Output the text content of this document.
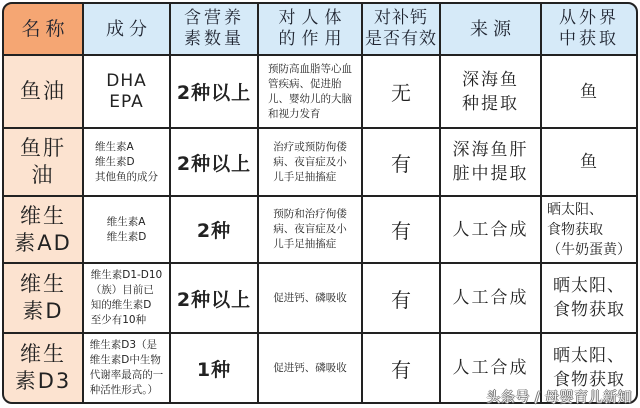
名称 成分
含营养
素数量
对人体
的作用
对补钙
是否有效 来源
从外界
中获取
鱼油 DHA
EPA 2种以上
预防高血脂等心血
管疾病、促进胎
儿、婴幼儿的大脑
和视力发育
无
深海鱼
种提取
鱼
鱼肝
油
维生素A
维生素D
其他鱼的成分
2种以上
治疗或预防佝偻
病、夜盲症及小
儿手足抽搐症
有
深海鱼肝
脏中提取
鱼
维生
素AD
维生素A
维生素D	2种
预防和治疗佝偻
病、夜盲症及小
儿手足抽搐症
有 人工合成
晒太阳、
食物获取
（牛奶蛋黄）
维生
素D
维生素D1-D10
（族）目前已
知的维生素D
至少有10种
2种以上 促进钙、磷吸收 有 人工合成
晒太阳、
食物获取
维生
素D3
维生素D3（是
维生素D中生物
代谢率最高的一
种活性形式。）
1种	促进钙、磷吸收 有 人工合成
晒太阳、
食物获取
头条号 / 母婴育儿新知
